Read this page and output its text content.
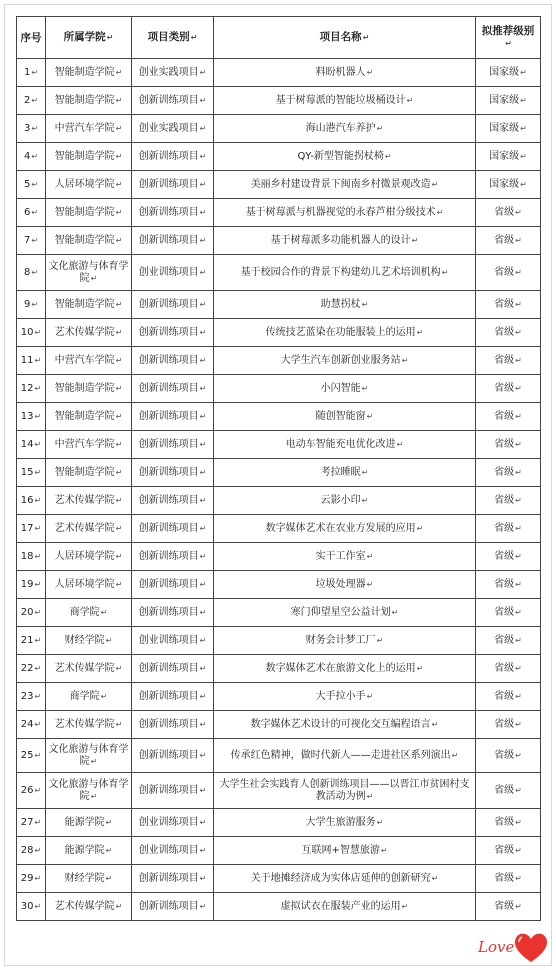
序号	所属学院↵	项目类别↵	项目名称↵	拟推荐级别↵
1↵	智能制造学院↵	创业实践项目↵	料盼机器人↵	国家级↵
2↵	智能制造学院↵	创新训练项目↵	基于树莓派的智能垃圾桶设计↵	国家级↵
3↵	中营汽车学院↵	创业实践项目↵	海山港汽车养护↵	国家级↵
4↵	智能制造学院↵	创新训练项目↵	QY-新型智能拐杖椅↵	国家级↵
5↵	人居环境学院↵	创新训练项目↵	美丽乡村建设背景下闽南乡村微景观改造↵	国家级↵
6↵	智能制造学院↵	创新训练项目↵	基于树莓派与机器视觉的永春芦柑分级技术↵	省级↵
7↵	智能制造学院↵	创新训练项目↵	基于树莓派多功能机器人的设计↵	省级↵
8↵	文化旅游与体育学院↵	创业训练项目↵	基于校园合作的背景下构建幼儿艺术培训机构↵	省级↵
9↵	智能制造学院↵	创新训练项目↵	助慧拐杖↵	省级↵
10↵	艺术传媒学院↵	创新训练项目↵	传统技艺蓝染在功能服装上的运用↵	省级↵
11↵	中营汽车学院↵	创新训练项目↵	大学生汽车创新创业服务站↵	省级↵
12↵	智能制造学院↵	创新训练项目↵	小闪智能↵	省级↵
13↵	智能制造学院↵	创新训练项目↵	随创智能窗↵	省级↵
14↵	中营汽车学院↵	创新训练项目↵	电动车智能充电优化改进↵	省级↵
15↵	智能制造学院↵	创新训练项目↵	考拉睡眠↵	省级↵
16↵	艺术传媒学院↵	创新训练项目↵	云影小印↵	省级↵
17↵	艺术传媒学院↵	创新训练项目↵	数字媒体艺术在农业方发展的应用↵	省级↵
18↵	人居环境学院↵	创新训练项目↵	实干工作室↵	省级↵
19↵	人居环境学院↵	创新训练项目↵	垃圾处理器↵	省级↵
20↵	商学院↵	创新训练项目↵	寒门仰望星空公益计划↵	省级↵
21↵	财经学院↵	创业训练项目↵	财务会计梦工厂↵	省级↵
22↵	艺术传媒学院↵	创新训练项目↵	数字媒体艺术在旅游文化上的运用↵	省级↵
23↵	商学院↵	创新训练项目↵	大手拉小手↵	省级↵
24↵	艺术传媒学院↵	创新训练项目↵	数字媒体艺术设计的可视化交互编程语言↵	省级↵
25↵	文化旅游与体育学院↵	创新训练项目↵	传承红色精神，做时代新人——走进社区系列演出↵	省级↵
26↵	文化旅游与体育学院↵	创新训练项目↵	大学生社会实践育人创新训练项目——以晋江市贫困村支教活动为例↵	省级↵
27↵	能源学院↵	创业训练项目↵	大学生旅游服务↵	省级↵
28↵	能源学院↵	创业训练项目↵	互联网+智慧旅游↵	省级↵
29↵	财经学院↵	创新训练项目↵	关于地摊经济成为实体店延伸的创新研究↵	省级↵
30↵	艺术传媒学院↵	创新训练项目↵	虚拟试衣在服装产业的运用↵	省级↵
Love
